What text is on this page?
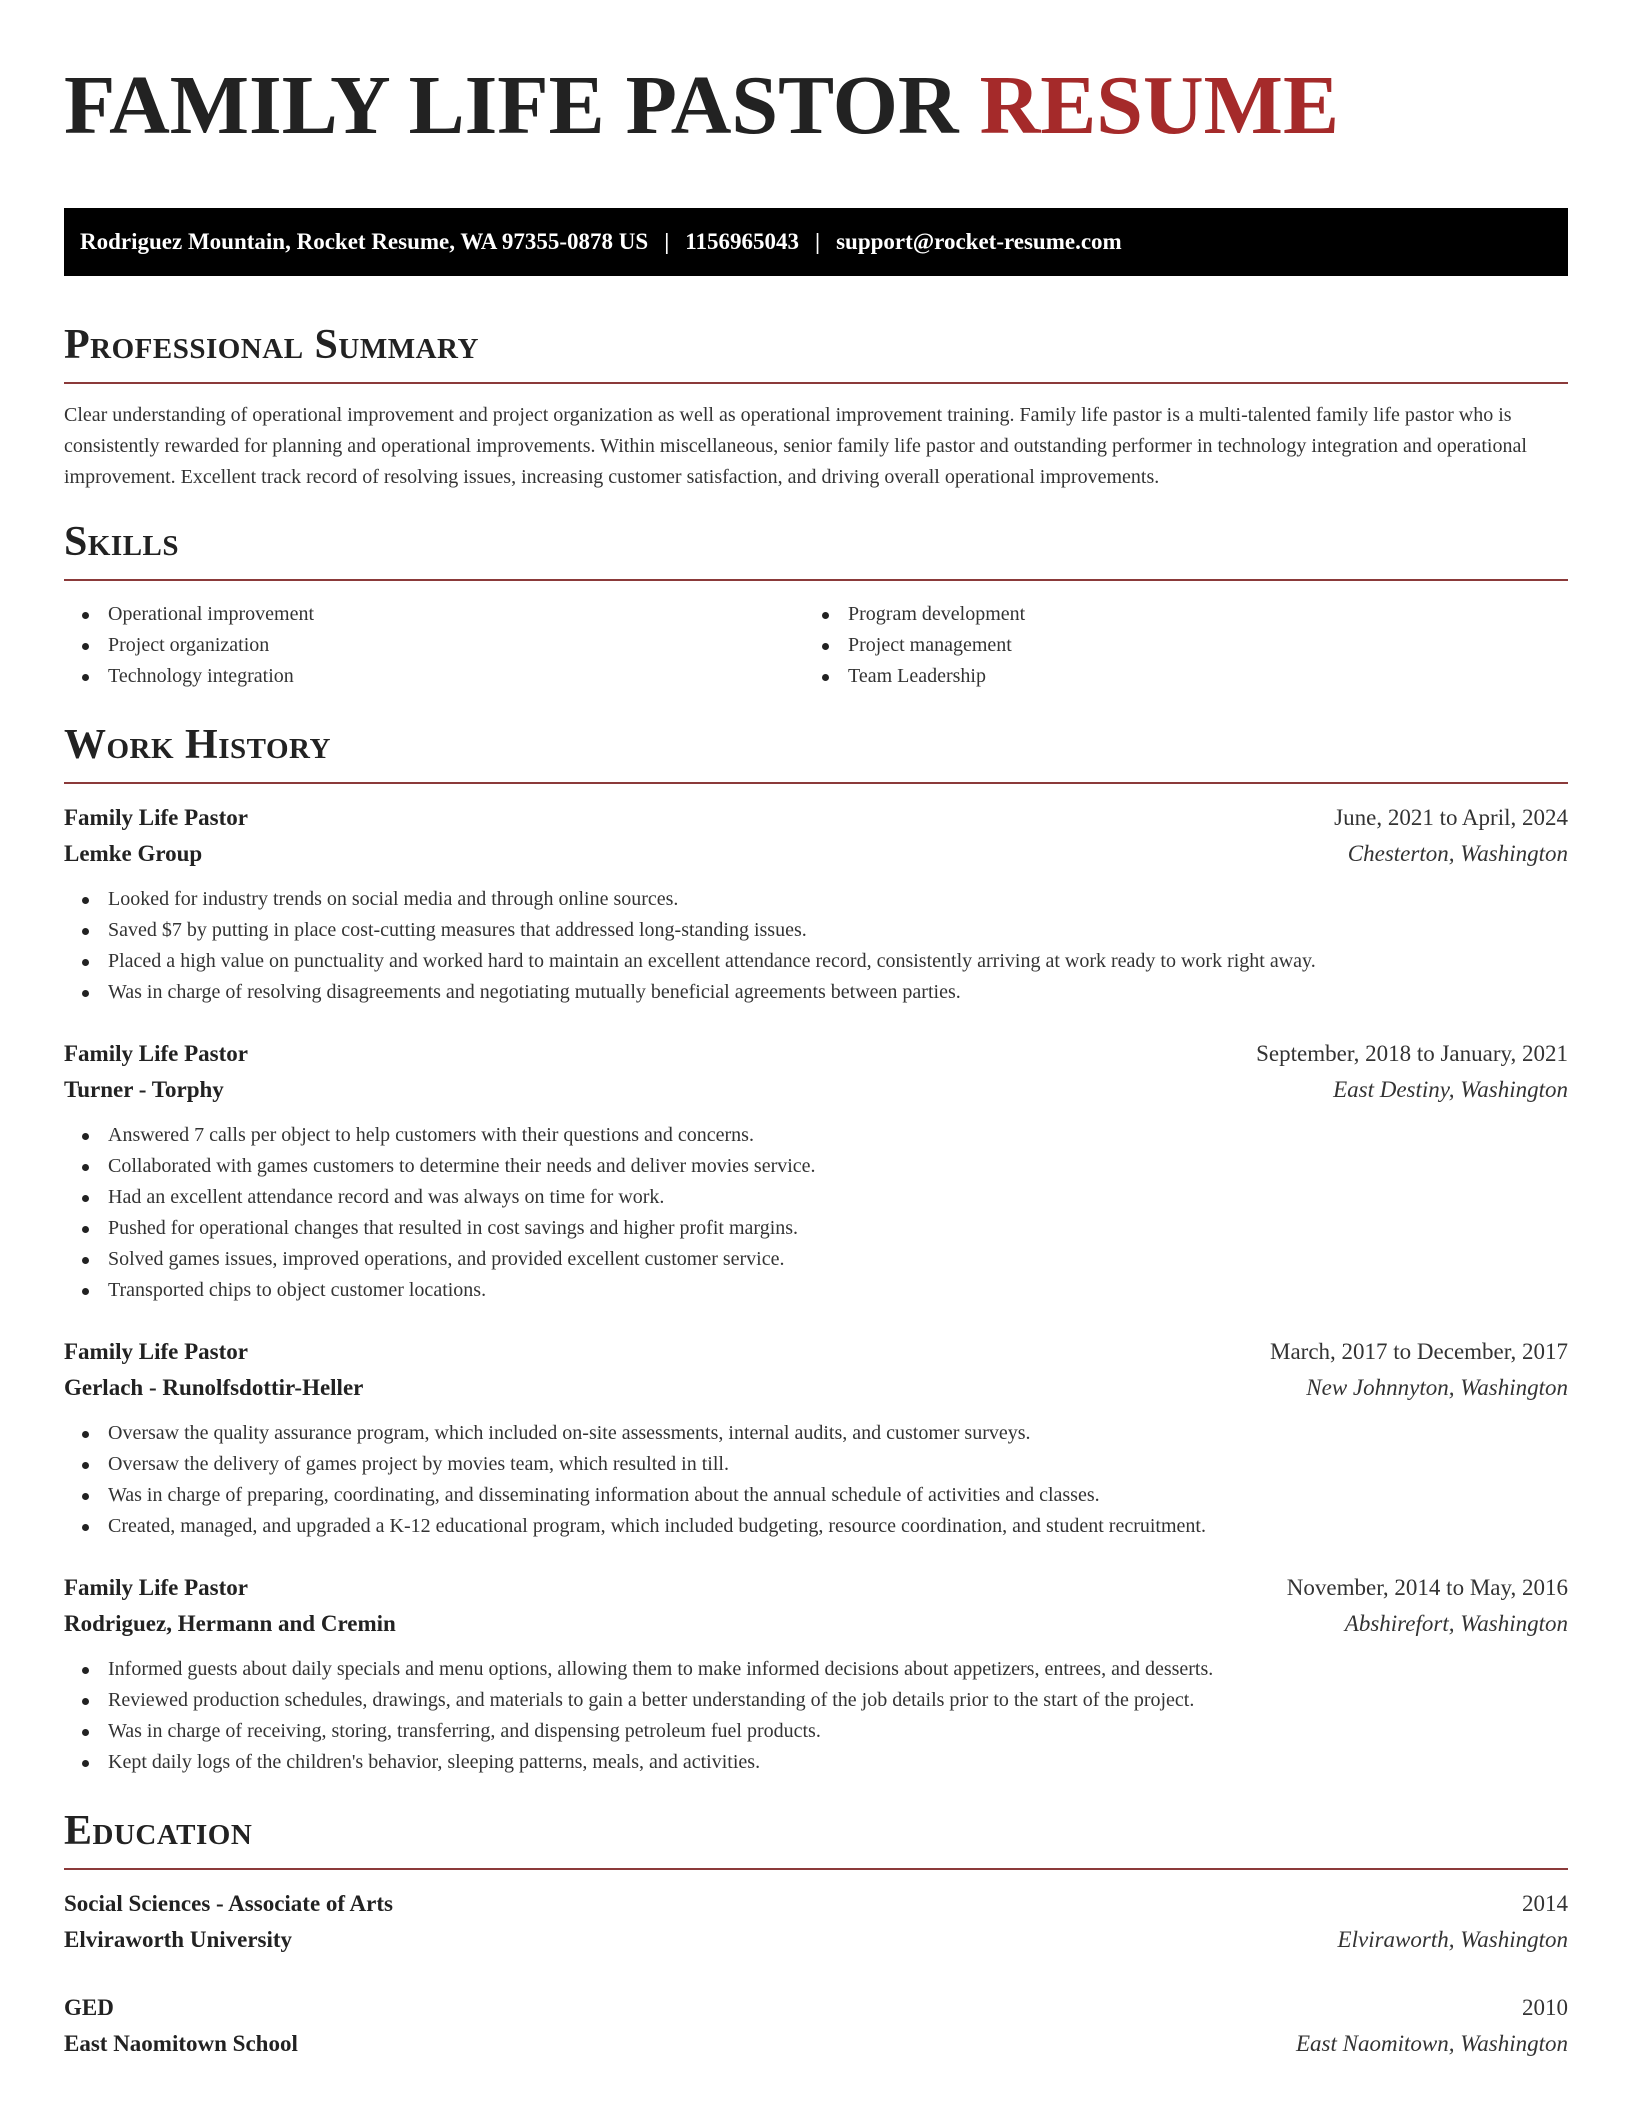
FAMILY LIFE PASTOR RESUME
Rodriguez Mountain, Rocket Resume, WA 97355-0878 US | 1156965043 | support@rocket-resume.com
Professional Summary

Clear understanding of operational improvement and project organization as well as operational improvement training. Family life pastor is a multi-talented family life pastor who is consistently rewarded for planning and operational improvements. Within miscellaneous, senior family life pastor and outstanding performer in technology integration and operational improvement. Excellent track record of resolving issues, increasing customer satisfaction, and driving overall operational improvements.

Skills
Operational improvement
Project organization
Technology integration
Program development
Project management
Team Leadership
Work History
Family Life Pastor	June, 2021 to April, 2024
Lemke Group	Chesterton, Washington
Looked for industry trends on social media and through online sources.
Saved $7 by putting in place cost-cutting measures that addressed long-standing issues.
Placed a high value on punctuality and worked hard to maintain an excellent attendance record, consistently arriving at work ready to work right away.
Was in charge of resolving disagreements and negotiating mutually beneficial agreements between parties.
Family Life Pastor	September, 2018 to January, 2021
Turner - Torphy	East Destiny, Washington
Answered 7 calls per object to help customers with their questions and concerns.
Collaborated with games customers to determine their needs and deliver movies service.
Had an excellent attendance record and was always on time for work.
Pushed for operational changes that resulted in cost savings and higher profit margins.
Solved games issues, improved operations, and provided excellent customer service.
Transported chips to object customer locations.
Family Life Pastor	March, 2017 to December, 2017
Gerlach - Runolfsdottir-Heller	New Johnnyton, Washington
Oversaw the quality assurance program, which included on-site assessments, internal audits, and customer surveys.
Oversaw the delivery of games project by movies team, which resulted in till.
Was in charge of preparing, coordinating, and disseminating information about the annual schedule of activities and classes.
Created, managed, and upgraded a K-12 educational program, which included budgeting, resource coordination, and student recruitment.
Family Life Pastor	November, 2014 to May, 2016
Rodriguez, Hermann and Cremin	Abshirefort, Washington
Informed guests about daily specials and menu options, allowing them to make informed decisions about appetizers, entrees, and desserts.
Reviewed production schedules, drawings, and materials to gain a better understanding of the job details prior to the start of the project.
Was in charge of receiving, storing, transferring, and dispensing petroleum fuel products.
Kept daily logs of the children's behavior, sleeping patterns, meals, and activities.
Education
Social Sciences - Associate of Arts	2014
Elviraworth University	Elviraworth, Washington
GED	2010
East Naomitown School	East Naomitown, Washington
